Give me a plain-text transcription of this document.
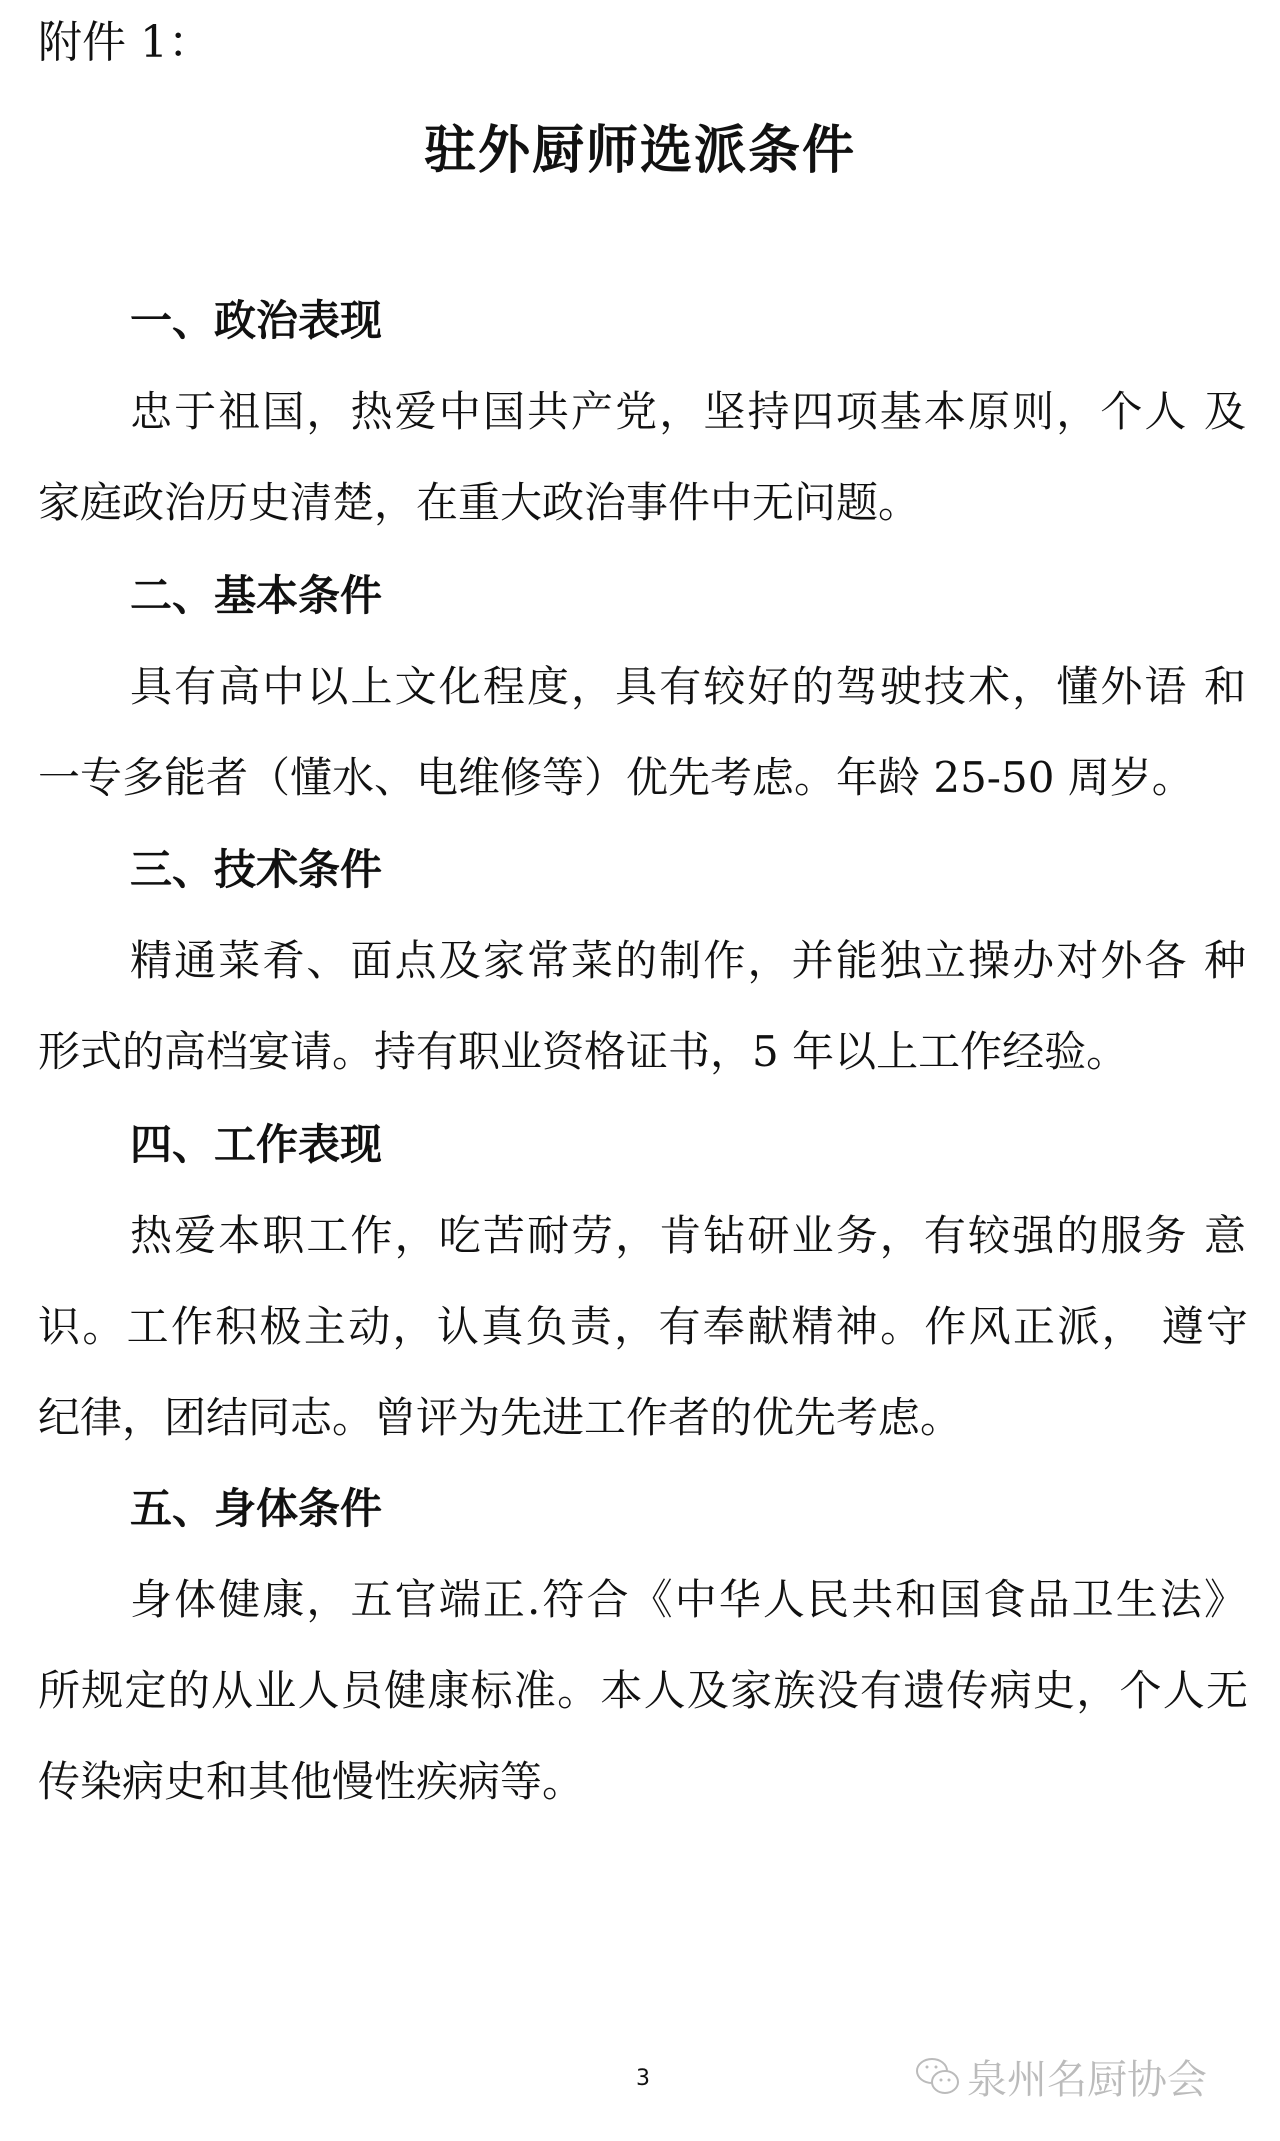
附件 1：
驻外厨师选派条件
一、政治表现
忠于祖国，热爱中国共产党，坚持四项基本原则，个人 及
家庭政治历史清楚，在重大政治事件中无问题。
二、基本条件
具有高中以上文化程度，具有较好的驾驶技术，懂外语 和
一专多能者（懂水、电维修等）优先考虑。年龄 25-50 周岁。
三、技术条件
精通菜肴、面点及家常菜的制作，并能独立操办对外各 种
形式的高档宴请。持有职业资格证书，5 年以上工作经验。
四、工作表现
热爱本职工作，吃苦耐劳，肯钻研业务，有较强的服务 意
识。工作积极主动，认真负责，有奉献精神。作风正派， 遵守
纪律，团结同志。曾评为先进工作者的优先考虑。
五、身体条件
身体健康，五官端正.符合《中华人民共和国食品卫生法》
所规定的从业人员健康标准。本人及家族没有遗传病史，个人无
传染病史和其他慢性疾病等。
3	泉州名厨协会
